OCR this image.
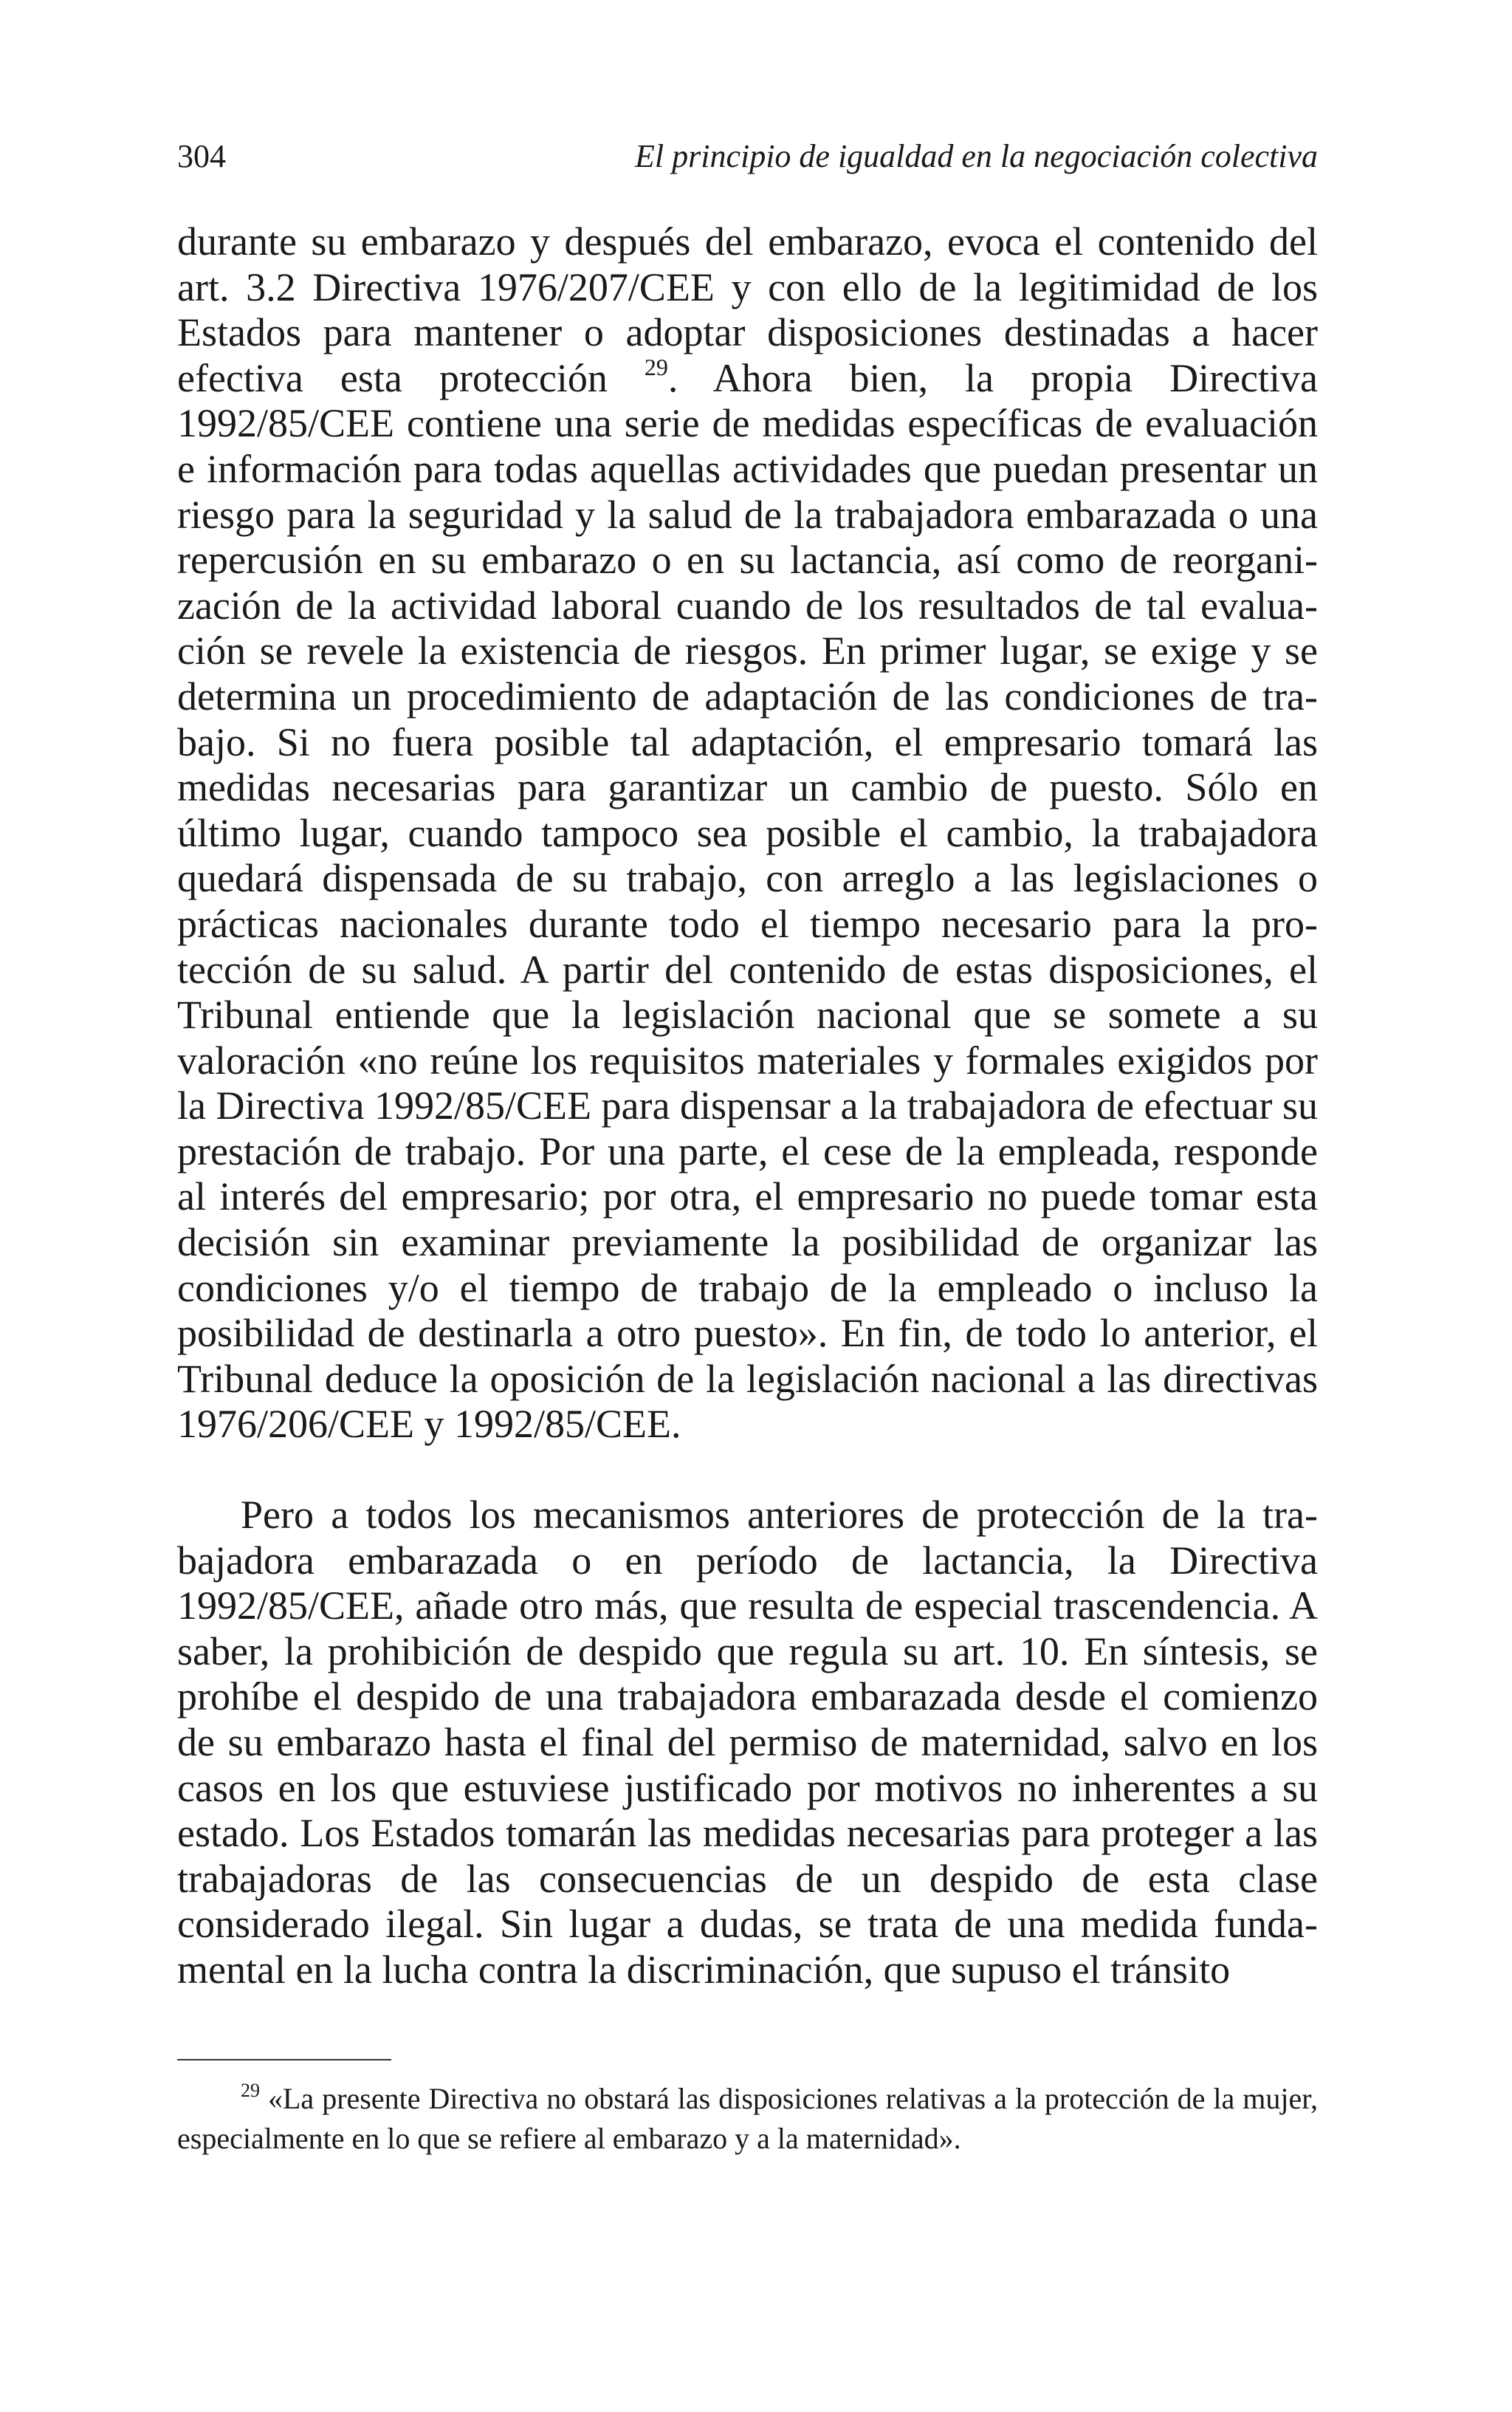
304	El principio de igualdad en la negociación colectiva

durante su embarazo y después del embarazo, evoca el contenido del art. 3.2 Directiva 1976/207/CEE y con ello de la legitimidad de los Estados para mantener o adoptar disposiciones destinadas a hacer efectiva esta protección $^{29}$. Ahora bien, la propia Directiva 1992/85/CEE contiene una serie de medidas específicas de evaluación e información para todas aquellas actividades que puedan presentar un riesgo para la seguridad y la salud de la trabajadora embarazada o una repercusión en su embarazo o en su lactancia, así como de reorganización de la actividad laboral cuando de los resultados de tal evaluación se revele la existencia de riesgos. En primer lugar, se exige y se determina un procedimiento de adaptación de las condiciones de trabajo. Si no fuera posible tal adaptación, el empresario tomará las medidas necesarias para garantizar un cambio de puesto. Sólo en último lugar, cuando tampoco sea posible el cambio, la trabajadora quedará dispensada de su trabajo, con arreglo a las legislaciones o prácticas nacionales durante todo el tiempo necesario para la protección de su salud. A partir del contenido de estas disposiciones, el Tribunal entiende que la legislación nacional que se somete a su valoración «no reúne los requisitos materiales y formales exigidos por la Directiva 1992/85/CEE para dispensar a la trabajadora de efectuar su prestación de trabajo. Por una parte, el cese de la empleada, responde al interés del empresario; por otra, el empresario no puede tomar esta decisión sin examinar previamente la posibilidad de organizar las condiciones y/o el tiempo de trabajo de la empleado o incluso la posibilidad de destinarla a otro puesto». En fin, de todo lo anterior, el Tribunal deduce la oposición de la legislación nacional a las directivas 1976/206/CEE y 1992/85/CEE.

Pero a todos los mecanismos anteriores de protección de la trabajadora embarazada o en período de lactancia, la Directiva 1992/85/CEE, añade otro más, que resulta de especial trascendencia. A saber, la prohibición de despido que regula su art. 10. En síntesis, se prohíbe el despido de una trabajadora embarazada desde el comienzo de su embarazo hasta el final del permiso de maternidad, salvo en los casos en los que estuviese justificado por motivos no inherentes a su estado. Los Estados tomarán las medidas necesarias para proteger a las trabajadoras de las consecuencias de un despido de esta clase considerado ilegal. Sin lugar a dudas, se trata de una medida fundamental en la lucha contra la discriminación, que supuso el tránsito

$^{29}$ «La presente Directiva no obstará las disposiciones relativas a la protección de la mujer, especialmente en lo que se refiere al embarazo y a la maternidad».
